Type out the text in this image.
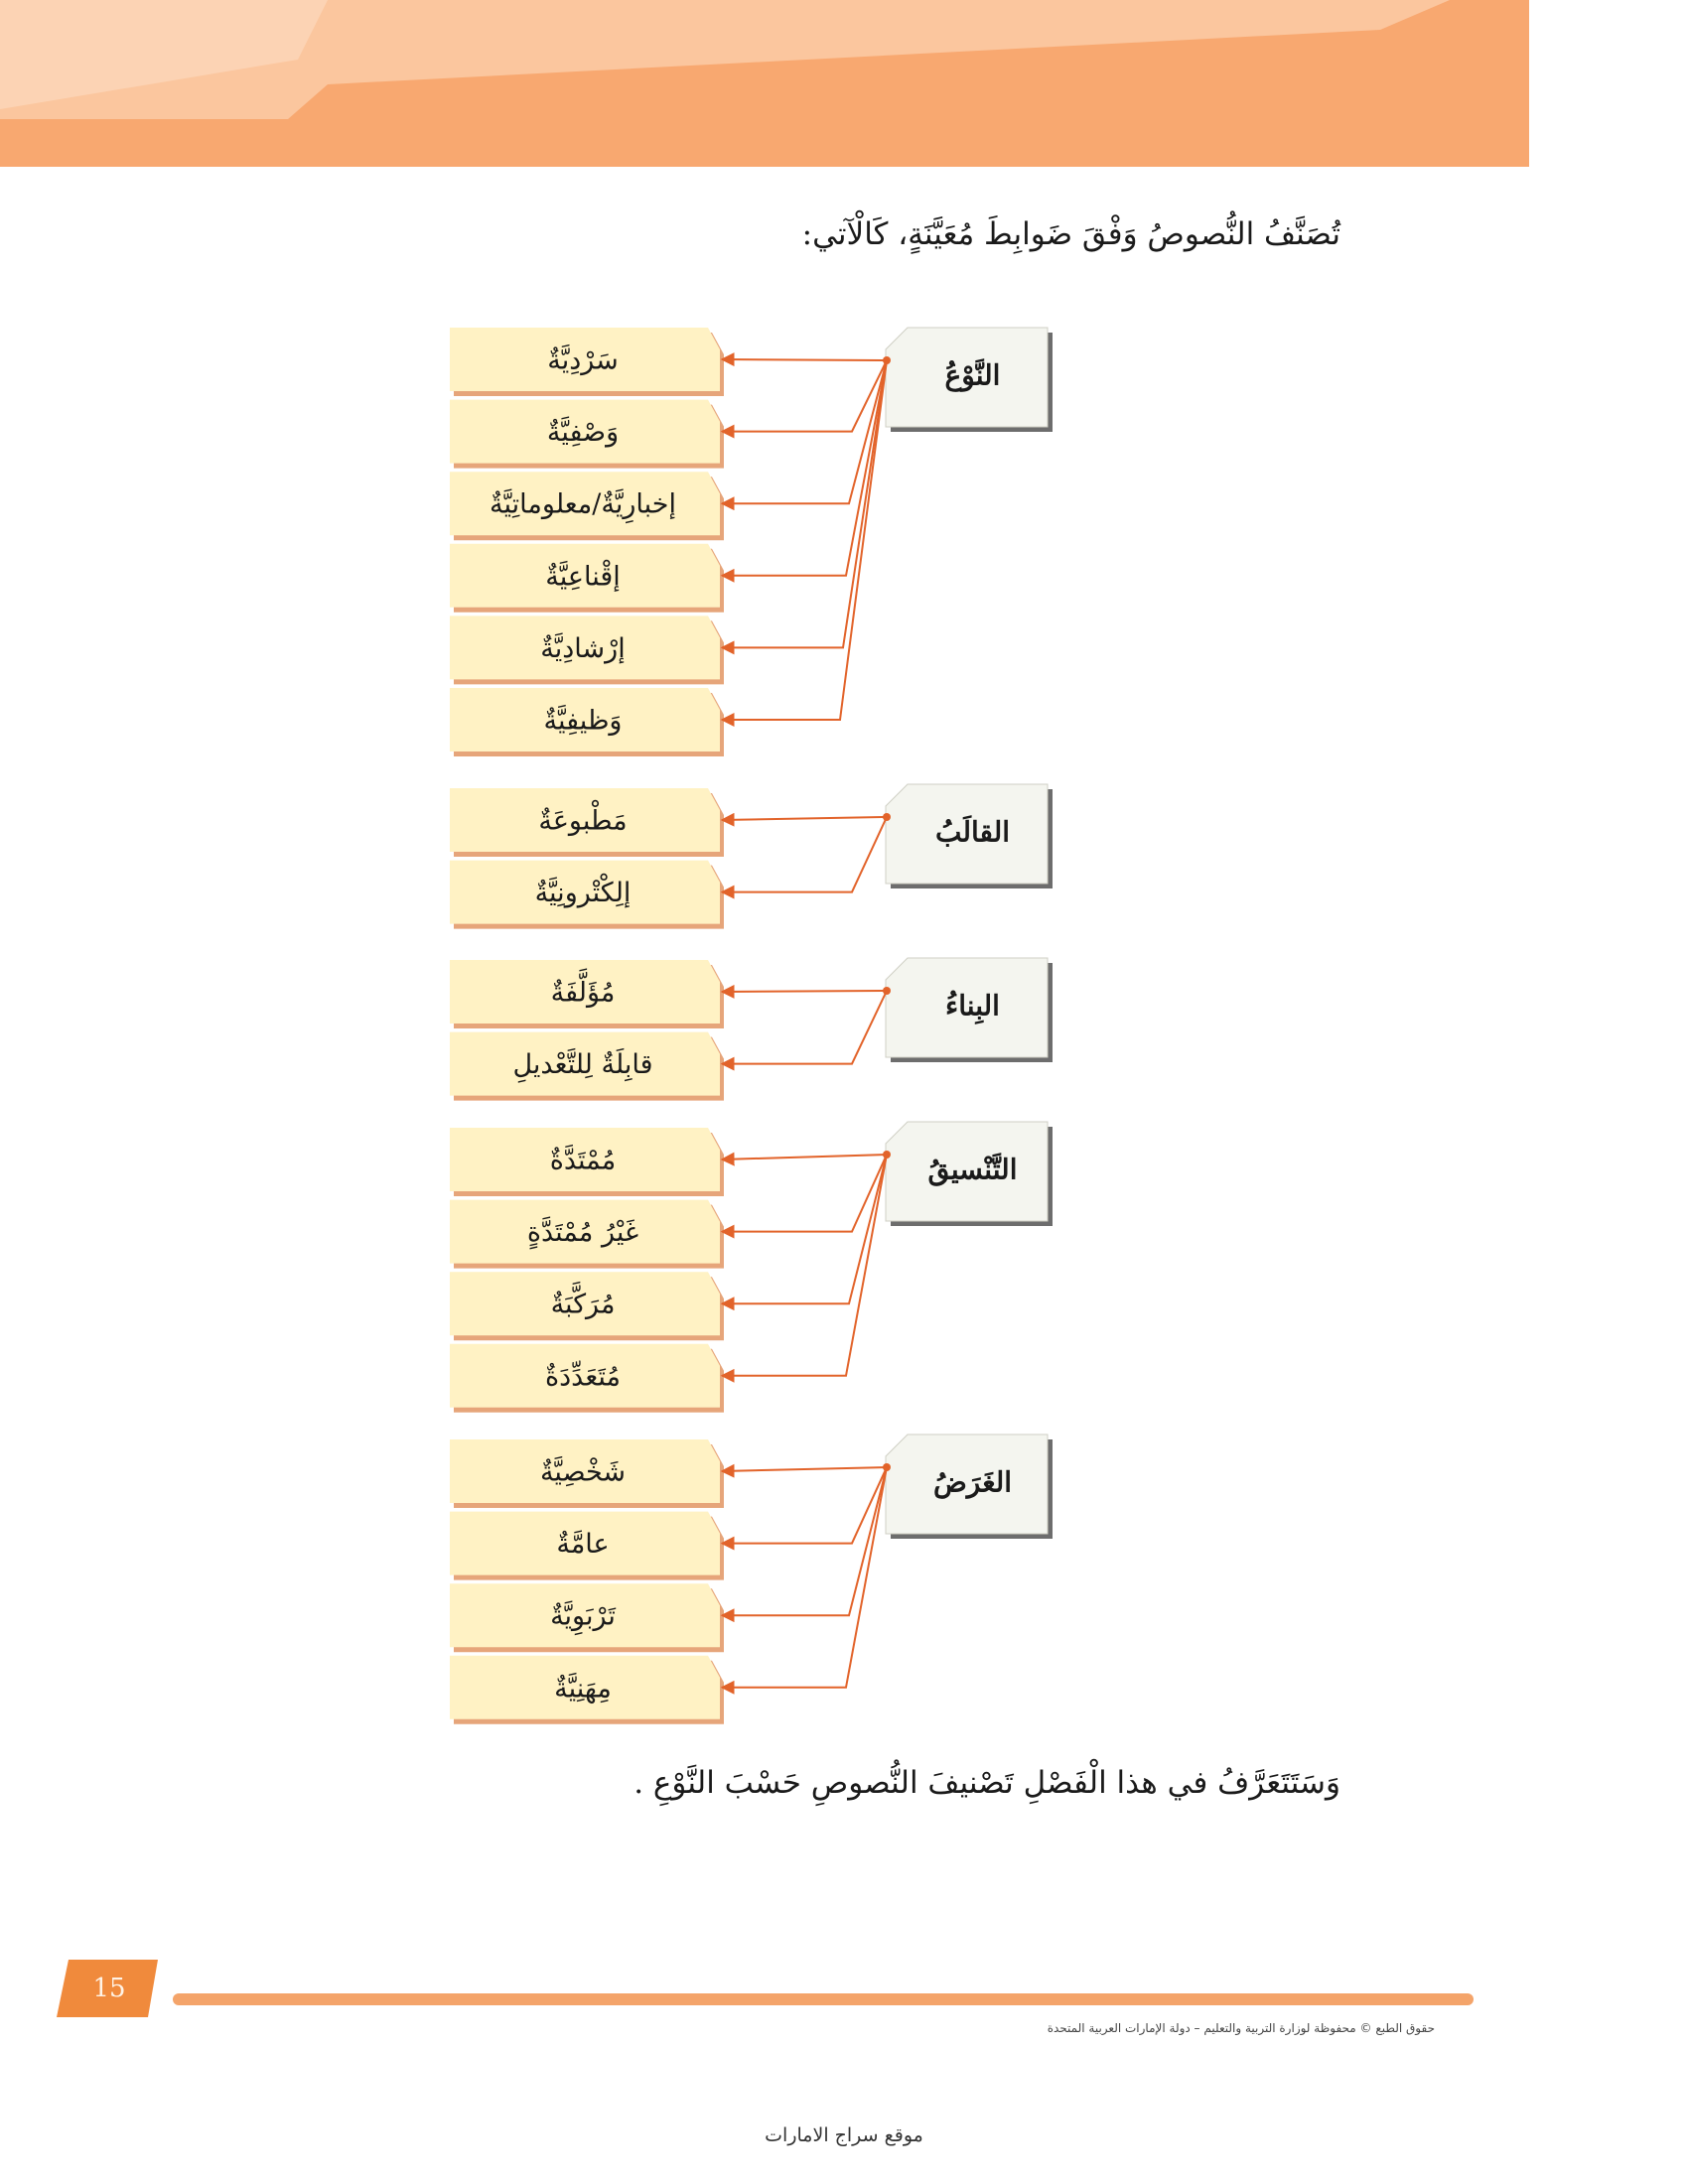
تُصَنَّفُ النُّصوصُ وَفْقَ ضَوابِطَ مُعَيَّنَةٍ، كَالْآتي:
النَّوْعُ
سَرْدِيَّةٌ
وَصْفِيَّةٌ
إخبارِيَّةٌ/معلوماتِيَّةٌ
إقْناعِيَّةٌ
إرْشادِيَّةٌ
وَظيفِيَّةٌ
القالَبُ
مَطْبوعَةٌ
إلِكْتْرونِيَّةٌ
البِناءُ
مُؤَلَّفَةٌ
قابِلَةٌ لِلتَّعْديلِ
التَّنْسيقُ
مُمْتَدَّةٌ
غَيْرُ مُمْتَدَّةٍ
مُرَكَّبَةٌ
مُتَعَدِّدَةٌ
الغَرَضُ
شَخْصِيَّةٌ
عامَّةٌ
تَرْبَوِيَّةٌ
مِهَنِيَّةٌ
وَسَتَتَعَرَّفُ في هذا الْفَصْلِ تَصْنيفَ النُّصوصِ حَسْبَ النَّوْعِ .
15
حقوق الطبع © محفوظة لوزارة التربية والتعليم – دولة الإمارات العربية المتحدة
موقع سراج الامارات
